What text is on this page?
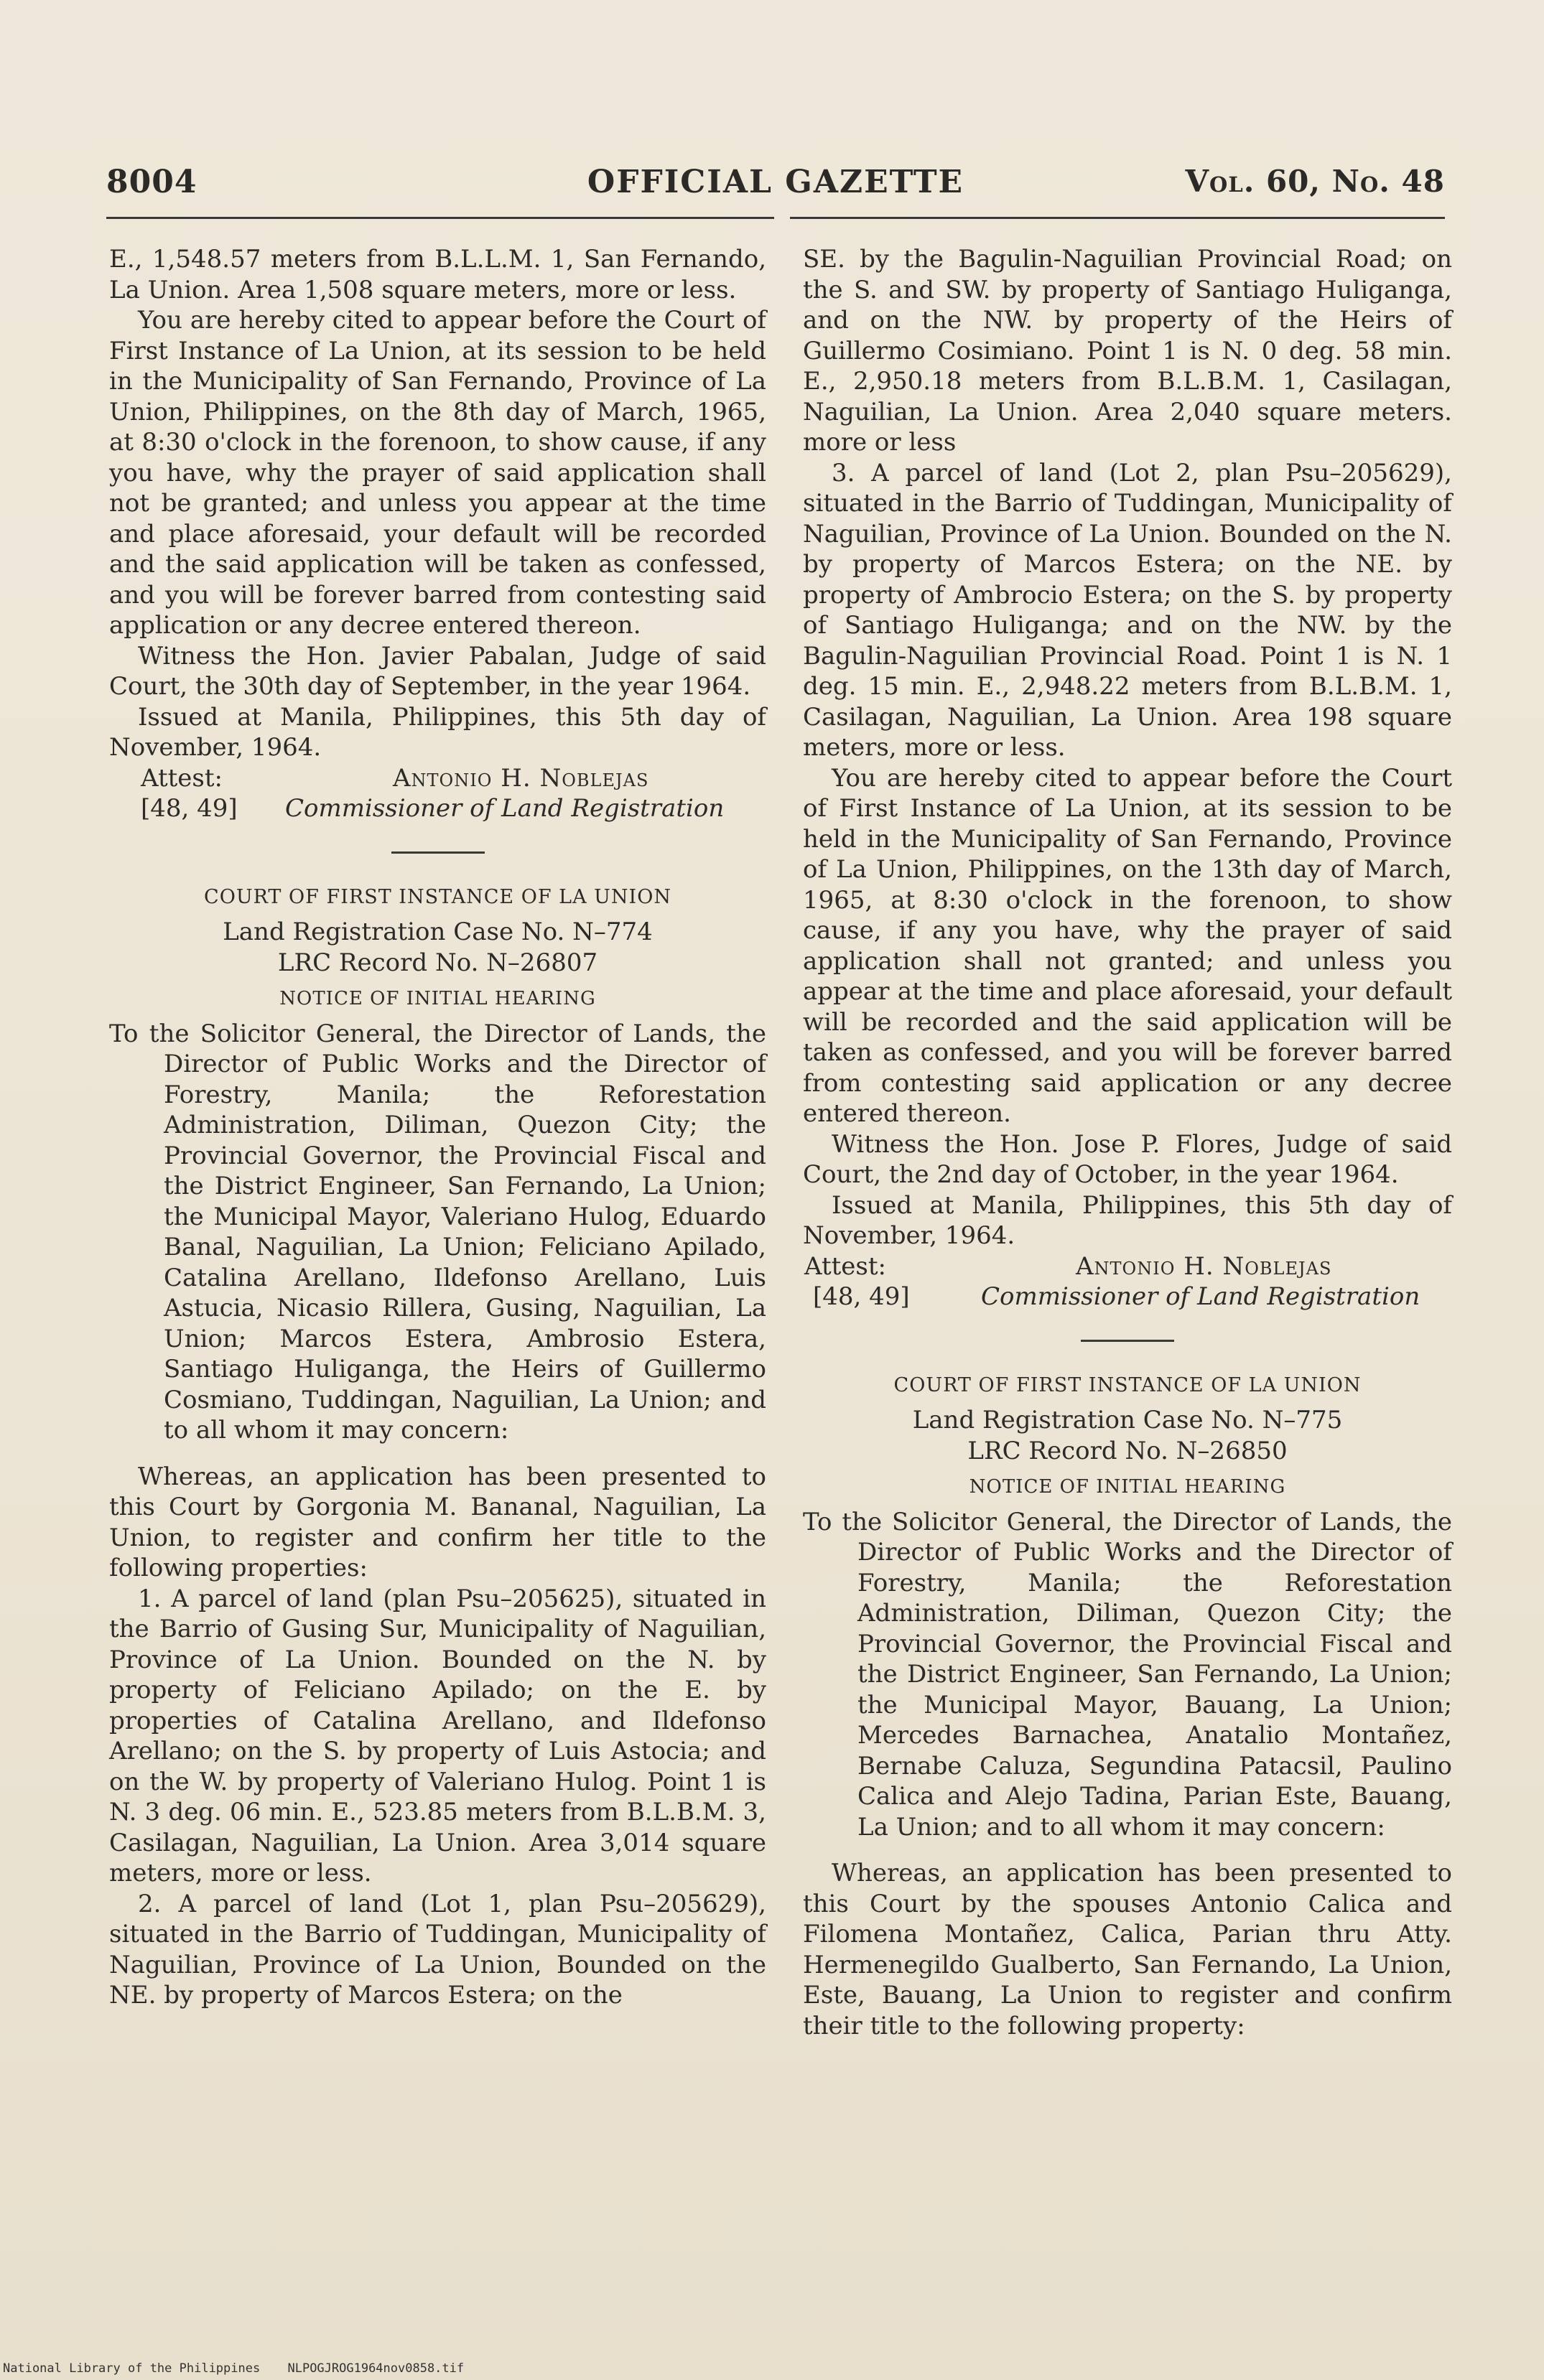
8004	OFFICIAL GAZETTE	Vol. 60, No. 48

E., 1,548.57 meters from B.L.L.M. 1, San Fernando, La Union. Area 1,508 square meters, more or less.

You are hereby cited to appear before the Court of First Instance of La Union, at its session to be held in the Municipality of San Fernando, Province of La Union, Philippines, on the 8th day of March, 1965, at 8:30 o'clock in the forenoon, to show cause, if any you have, why the prayer of said application shall not be granted; and unless you appear at the time and place aforesaid, your default will be recorded and the said application will be taken as confessed, and you will be forever barred from contesting said application or any decree entered thereon.

Witness the Hon. Javier Pabalan, Judge of said Court, the 30th day of September, in the year 1964.

Issued at Manila, Philippines, this 5th day of November, 1964.

Attest:	Antonio H. Noblejas
[48, 49] Commissioner of Land Registration
COURT OF FIRST INSTANCE OF LA UNION
Land Registration Case No. N–774
LRC Record No. N–26807
NOTICE OF INITIAL HEARING

To the Solicitor General, the Director of Lands, the Director of Public Works and the Director of Forestry, Manila; the Reforestation Administration, Diliman, Quezon City; the Provincial Governor, the Provincial Fiscal and the District Engineer, San Fernando, La Union; the Municipal Mayor, Valeriano Hulog, Eduardo Banal, Naguilian, La Union; Feliciano Apilado, Catalina Arellano, Ildefonso Arellano, Luis Astucia, Nicasio Rillera, Gusing, Naguilian, La Union; Marcos Estera, Ambrosio Estera, Santiago Huliganga, the Heirs of Guillermo Cosmiano, Tuddingan, Naguilian, La Union; and to all whom it may concern:

Whereas, an application has been presented to this Court by Gorgonia M. Bananal, Naguilian, La Union, to register and confirm her title to the following properties:

1. A parcel of land (plan Psu–205625), situated in the Barrio of Gusing Sur, Municipality of Naguilian, Province of La Union. Bounded on the N. by property of Feliciano Apilado; on the E. by properties of Catalina Arellano, and Ildefonso Arellano; on the S. by property of Luis Astocia; and on the W. by property of Valeriano Hulog. Point 1 is N. 3 deg. 06 min. E., 523.85 meters from B.L.B.M. 3, Casilagan, Naguilian, La Union. Area 3,014 square meters, more or less.

2. A parcel of land (Lot 1, plan Psu–205629), situated in the Barrio of Tuddingan, Municipality of Naguilian, Province of La Union, Bounded on the NE. by property of Marcos Estera; on the

SE. by the Bagulin-Naguilian Provincial Road; on the S. and SW. by property of Santiago Huliganga, and on the NW. by property of the Heirs of Guillermo Cosimiano. Point 1 is N. 0 deg. 58 min. E., 2,950.18 meters from B.L.B.M. 1, Casilagan, Naguilian, La Union. Area 2,040 square meters. more or less

3. A parcel of land (Lot 2, plan Psu–205629), situated in the Barrio of Tuddingan, Municipality of Naguilian, Province of La Union. Bounded on the N. by property of Marcos Estera; on the NE. by property of Ambrocio Estera; on the S. by property of Santiago Huliganga; and on the NW. by the Bagulin-Naguilian Provincial Road. Point 1 is N. 1 deg. 15 min. E., 2,948.22 meters from B.L.B.M. 1, Casilagan, Naguilian, La Union. Area 198 square meters, more or less.

You are hereby cited to appear before the Court of First Instance of La Union, at its session to be held in the Municipality of San Fernando, Province of La Union, Philippines, on the 13th day of March, 1965, at 8:30 o'clock in the forenoon, to show cause, if any you have, why the prayer of said application shall not granted; and unless you appear at the time and place aforesaid, your default will be recorded and the said application will be taken as confessed, and you will be forever barred from contesting said application or any decree entered thereon.

Witness the Hon. Jose P. Flores, Judge of said Court, the 2nd day of October, in the year 1964.

Issued at Manila, Philippines, this 5th day of November, 1964.

Attest:	Antonio H. Noblejas
[48, 49]	Commissioner of Land Registration
COURT OF FIRST INSTANCE OF LA UNION
Land Registration Case No. N–775
LRC Record No. N–26850
NOTICE OF INITIAL HEARING

To the Solicitor General, the Director of Lands, the Director of Public Works and the Director of Forestry, Manila; the Reforestation Administration, Diliman, Quezon City; the Provincial Governor, the Provincial Fiscal and the District Engineer, San Fernando, La Union; the Municipal Mayor, Bauang, La Union; Mercedes Barnachea, Anatalio Montañez, Bernabe Caluza, Segundina Patacsil, Paulino Calica and Alejo Tadina, Parian Este, Bauang, La Union; and to all whom it may concern:

Whereas, an application has been presented to this Court by the spouses Antonio Calica and Filomena Montañez, Calica, Parian thru Atty. Hermenegildo Gualberto, San Fernando, La Union, Este, Bauang, La Union to register and confirm their title to the following property:

National Library of the Philippines NLPOGJROG1964nov0858.tif
